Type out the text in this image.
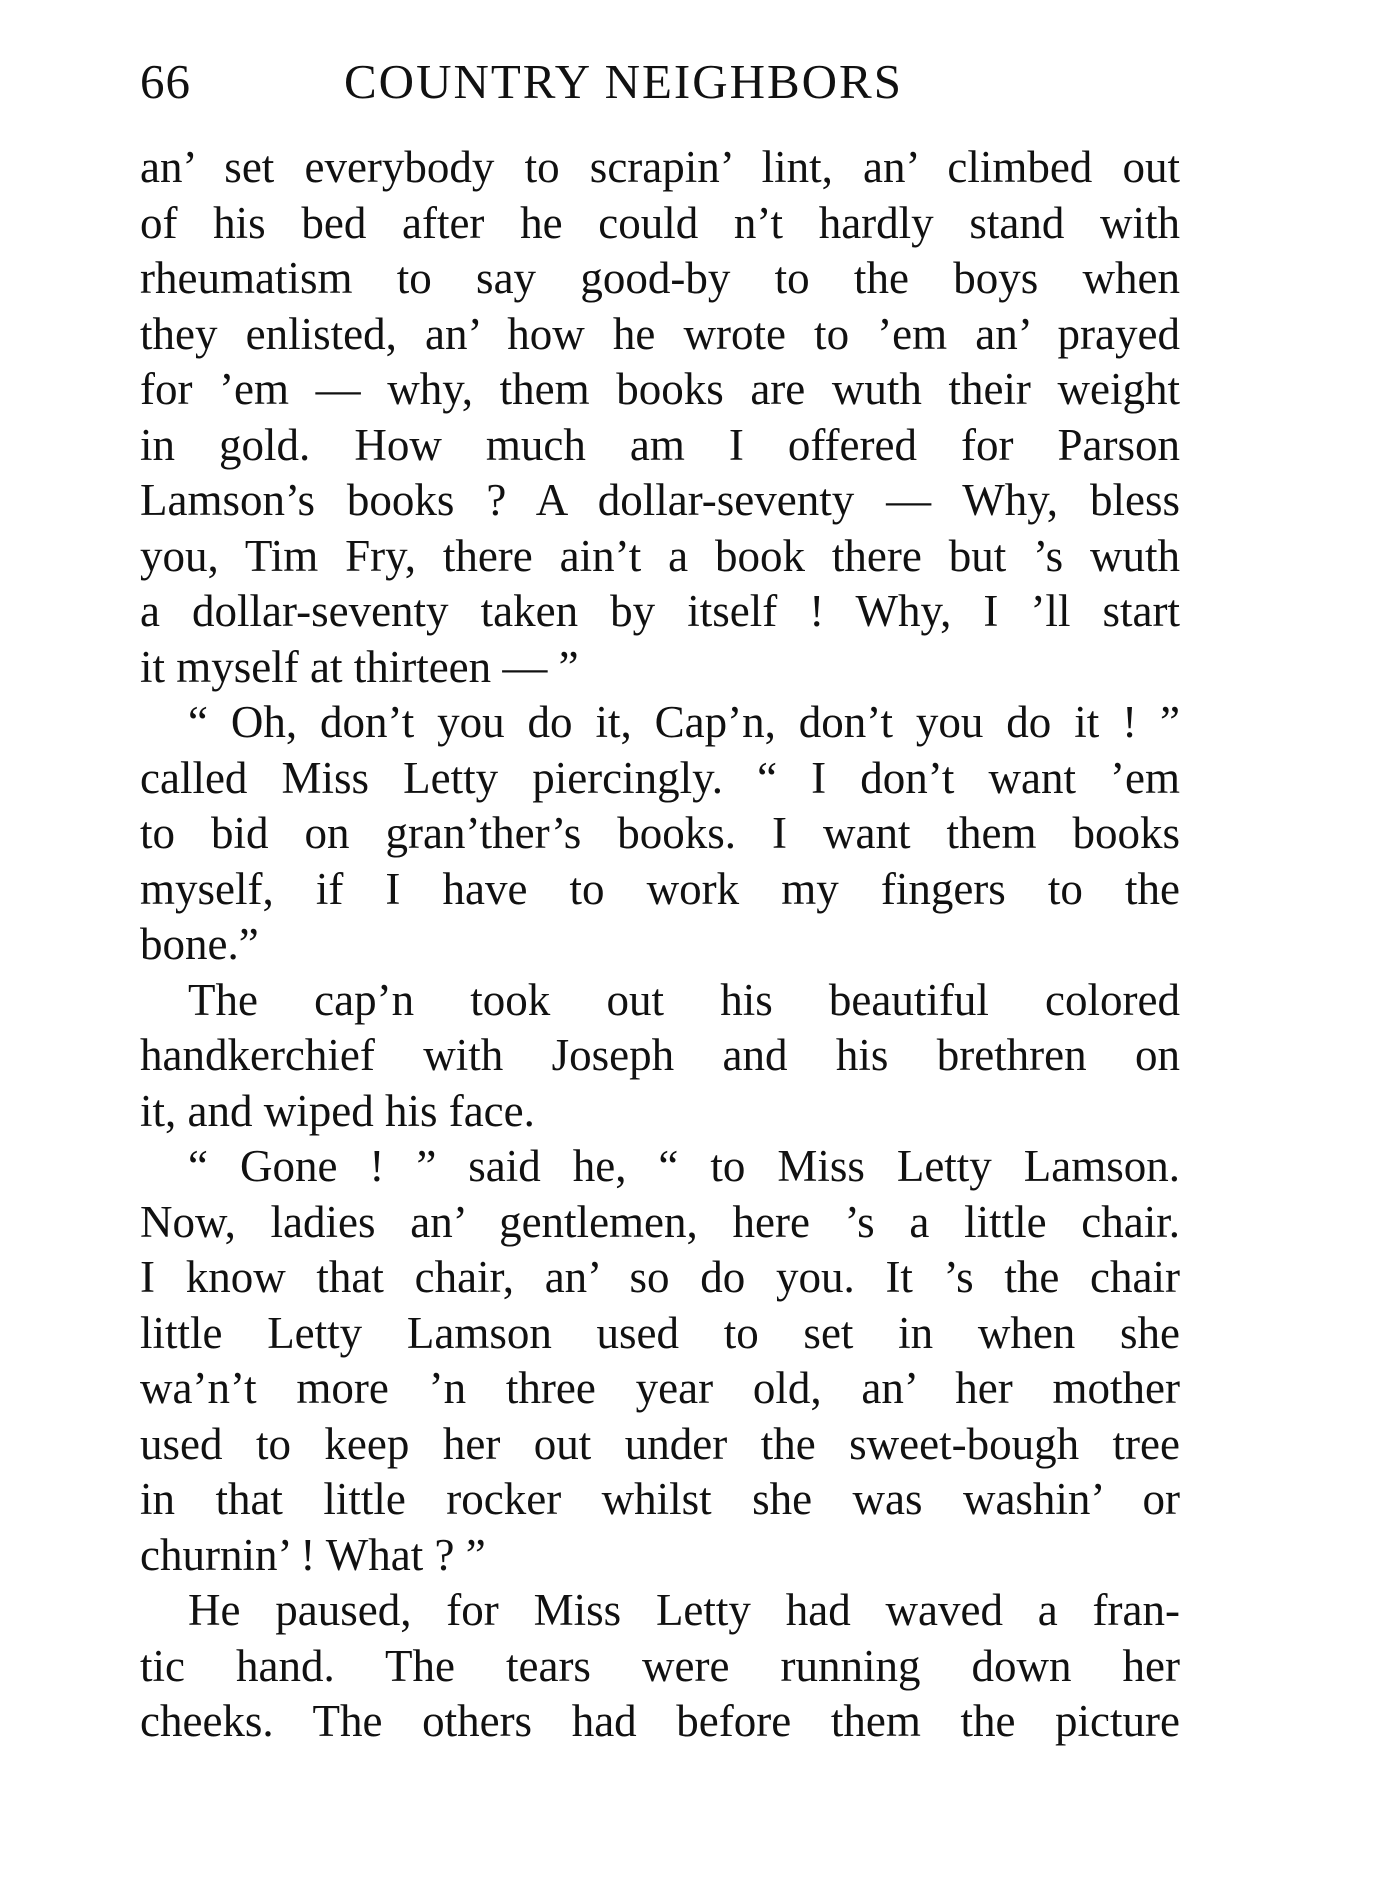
66	COUNTRY NEIGHBORS
an’ set everybody to scrapin’ lint, an’ climbed out
of his bed after he could n’t hardly stand with
rheumatism to say good-by to the boys when
they enlisted, an’ how he wrote to ’em an’ prayed
for ’em — why, them books are wuth their weight
in gold. How much am I offered for Parson
Lamson’s books ? A dollar-seventy — Why, bless
you, Tim Fry, there ain’t a book there but ’s wuth
a dollar-seventy taken by itself ! Why, I ’ll start
it myself at thirteen — ”
“ Oh, don’t you do it, Cap’n, don’t you do it ! ”
called Miss Letty piercingly. “ I don’t want ’em
to bid on gran’ther’s books. I want them books
myself, if I have to work my fingers to the
bone.”
The cap’n took out his beautiful colored
handkerchief with Joseph and his brethren on
it, and wiped his face.
“ Gone ! ” said he, “ to Miss Letty Lamson.
Now, ladies an’ gentlemen, here ’s a little chair.
I know that chair, an’ so do you. It ’s the chair
little Letty Lamson used to set in when she
wa’n’t more ’n three year old, an’ her mother
used to keep her out under the sweet-bough tree
in that little rocker whilst she was washin’ or
churnin’ ! What ? ”
He paused, for Miss Letty had waved a fran-
tic hand. The tears were running down her
cheeks. The others had before them the picture
